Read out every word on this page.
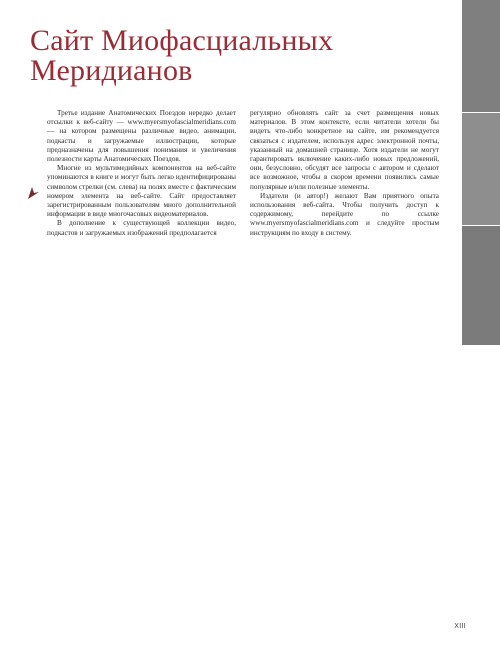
Сайт Миофасциальных
Меридианов

Третье издание Анатомических Поездов нередко делает отсылки к веб-сайту — www.myersmyofascialmeridians.com — на котором размещены различные видео, анимации, подкасты и загружаемые иллюстрации, которые предназначены для повышения понимания и увеличения полезности карты Анатомических Поездов.

Многие из мультимедийных компонентов на веб-сайте упоминаются в книге и могут быть легко идентифицированы символом стрелки (см. слева) на полях вместе с фактическим номером элемента на веб-сайте. Сайт предоставляет зарегистрированным пользователям много дополнительной информации в виде многочасовых видеоматериалов.

В дополнение к существующей коллекции видео, подкастов и загружаемых изображений предполагается

регулярно обновлять сайт за счет размещения новых материалов. В этом контексте, если читатели хотели бы видеть что-либо конкретное на сайте, им рекомендуется связаться с издателем, используя адрес электронной почты, указанный на домашней странице. Хотя издатели не могут гарантировать включение каких-либо новых предложений, они, безусловно, обсудят все запросы с автором и сделают все возможное, чтобы в скором времени появились самые популярные и/или полезные элементы.

Издатели (и автор!) желают Вам приятного опыта использования веб-сайта. Чтобы получить доступ к содержимому, перейдите по ссылке www.myersmyofascialmeridians.com и следуйте простым инструкциям по входу в систему.

XIII
